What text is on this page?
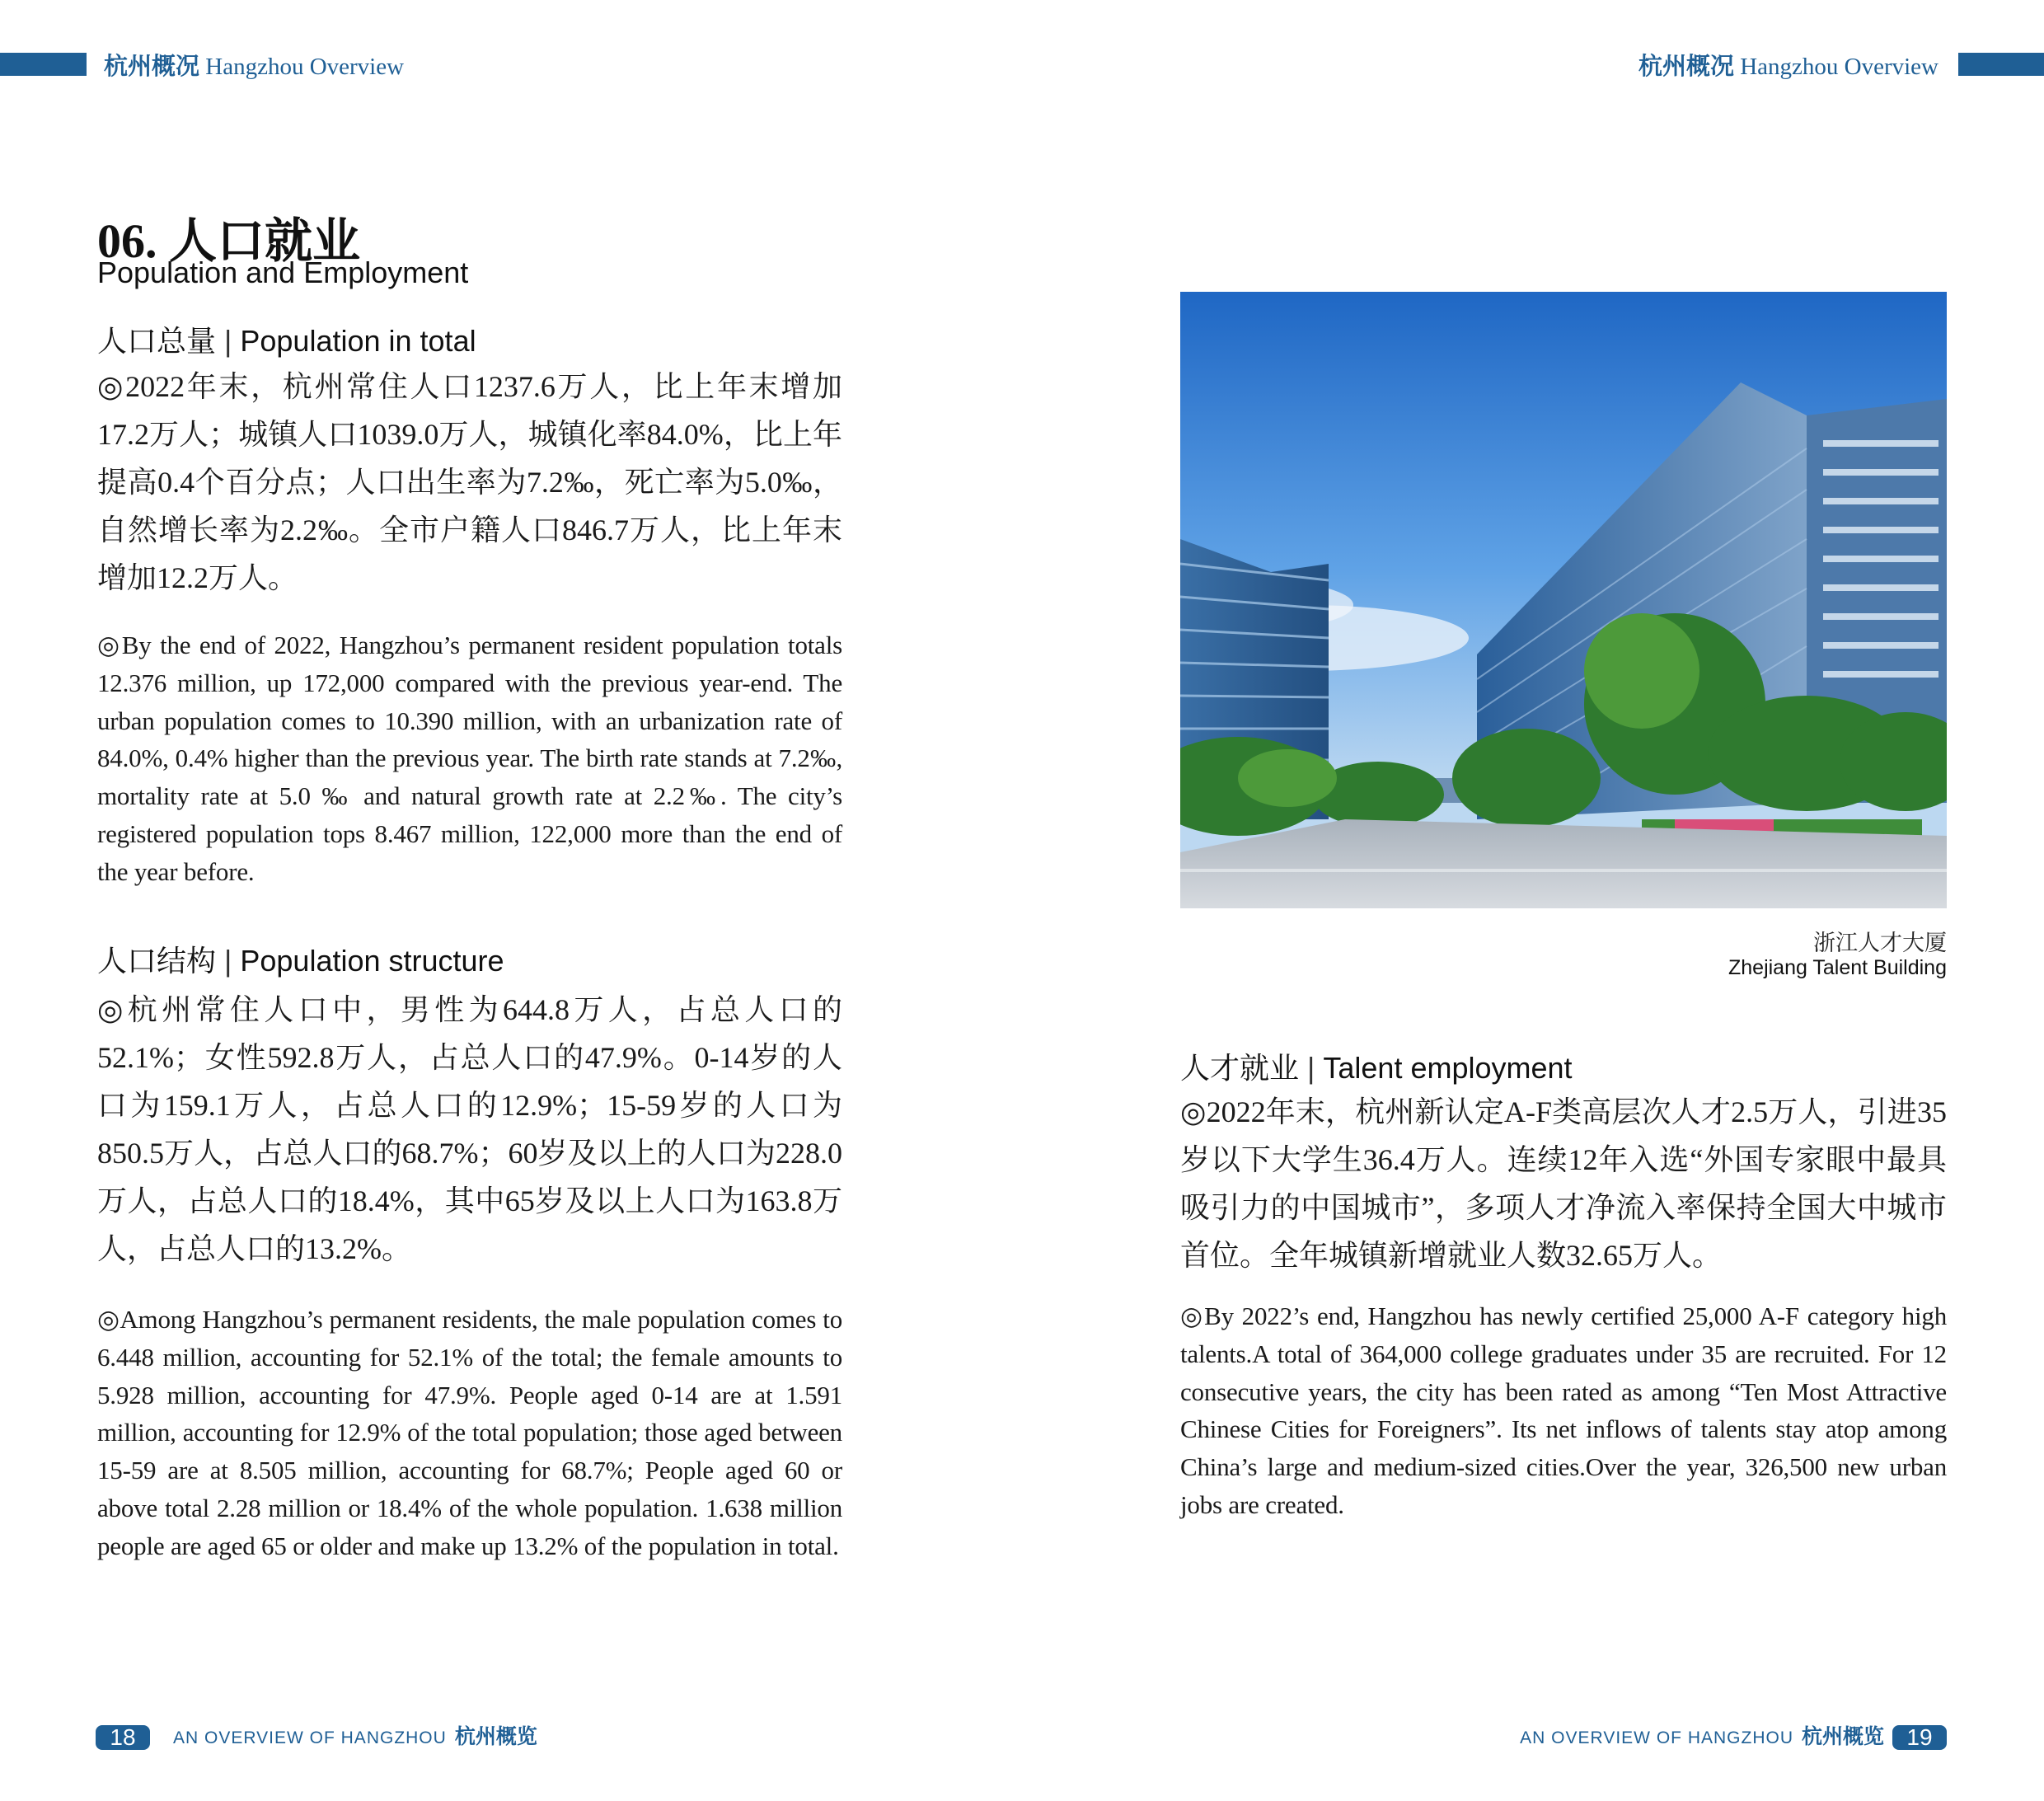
杭州概况 Hangzhou Overview	杭州概况 Hangzhou Overview
06. 人口就业
Population and Employment
人口总量 | Population in total

◎2022年末，杭州常住人口1237.6万人，比上年末增加17.2万人；城镇人口1039.0万人，城镇化率84.0%，比上年提高0.4个百分点；人口出生率为7.2‰，死亡率为5.0‰，自然增长率为2.2‰。全市户籍人口846.7万人，比上年末增加12.2万人。

◎By the end of 2022, Hangzhou’s permanent resident population totals 12.376 million, up 172,000 compared with the previous year-end. The urban population comes to 10.390 million, with an urbanization rate of 84.0%, 0.4% higher than the previous year. The birth rate stands at 7.2‰, mortality rate at 5.0 ‰ and natural growth rate at 2.2‰. The city’s registered population tops 8.467 million, 122,000 more than the end of the year before.

人口结构 | Population structure

◎杭州常住人口中，男性为644.8万人，占总人口的52.1%；女性592.8万人，占总人口的47.9%。0-14岁的人口为159.1万人，占总人口的12.9%；15-59岁的人口为850.5万人，占总人口的68.7%；60岁及以上的人口为228.0万人，占总人口的18.4%，其中65岁及以上人口为163.8万人，占总人口的13.2%。

◎Among Hangzhou’s permanent residents, the male population comes to 6.448 million, accounting for 52.1% of the total; the female amounts to 5.928 million, accounting for 47.9%. People aged 0-14 are at 1.591 million, accounting for 12.9% of the total population; those aged between 15-59 are at 8.505 million, accounting for 68.7%; People aged 60 or above total 2.28 million or 18.4% of the whole population. 1.638 million people are aged 65 or older and make up 13.2% of the population in total.

浙江人才大厦
Zhejiang Talent Building
人才就业 | Talent employment

◎2022年末，杭州新认定A-F类高层次人才2.5万人，引进35岁以下大学生36.4万人。连续12年入选“外国专家眼中最具吸引力的中国城市”，多项人才净流入率保持全国大中城市首位。全年城镇新增就业人数32.65万人。

◎By 2022’s end, Hangzhou has newly certified 25,000 A-F category high talents.A total of 364,000 college graduates under 35 are recruited. For 12 consecutive years, the city has been rated as among “Ten Most Attractive Chinese Cities for Foreigners”. Its net inflows of talents stay atop among China’s large and medium-sized cities.Over the year, 326,500 new urban jobs are created.

18	AN OVERVIEW OF HANGZHOU 杭州概览	AN OVERVIEW OF HANGZHOU 杭州概览 19
